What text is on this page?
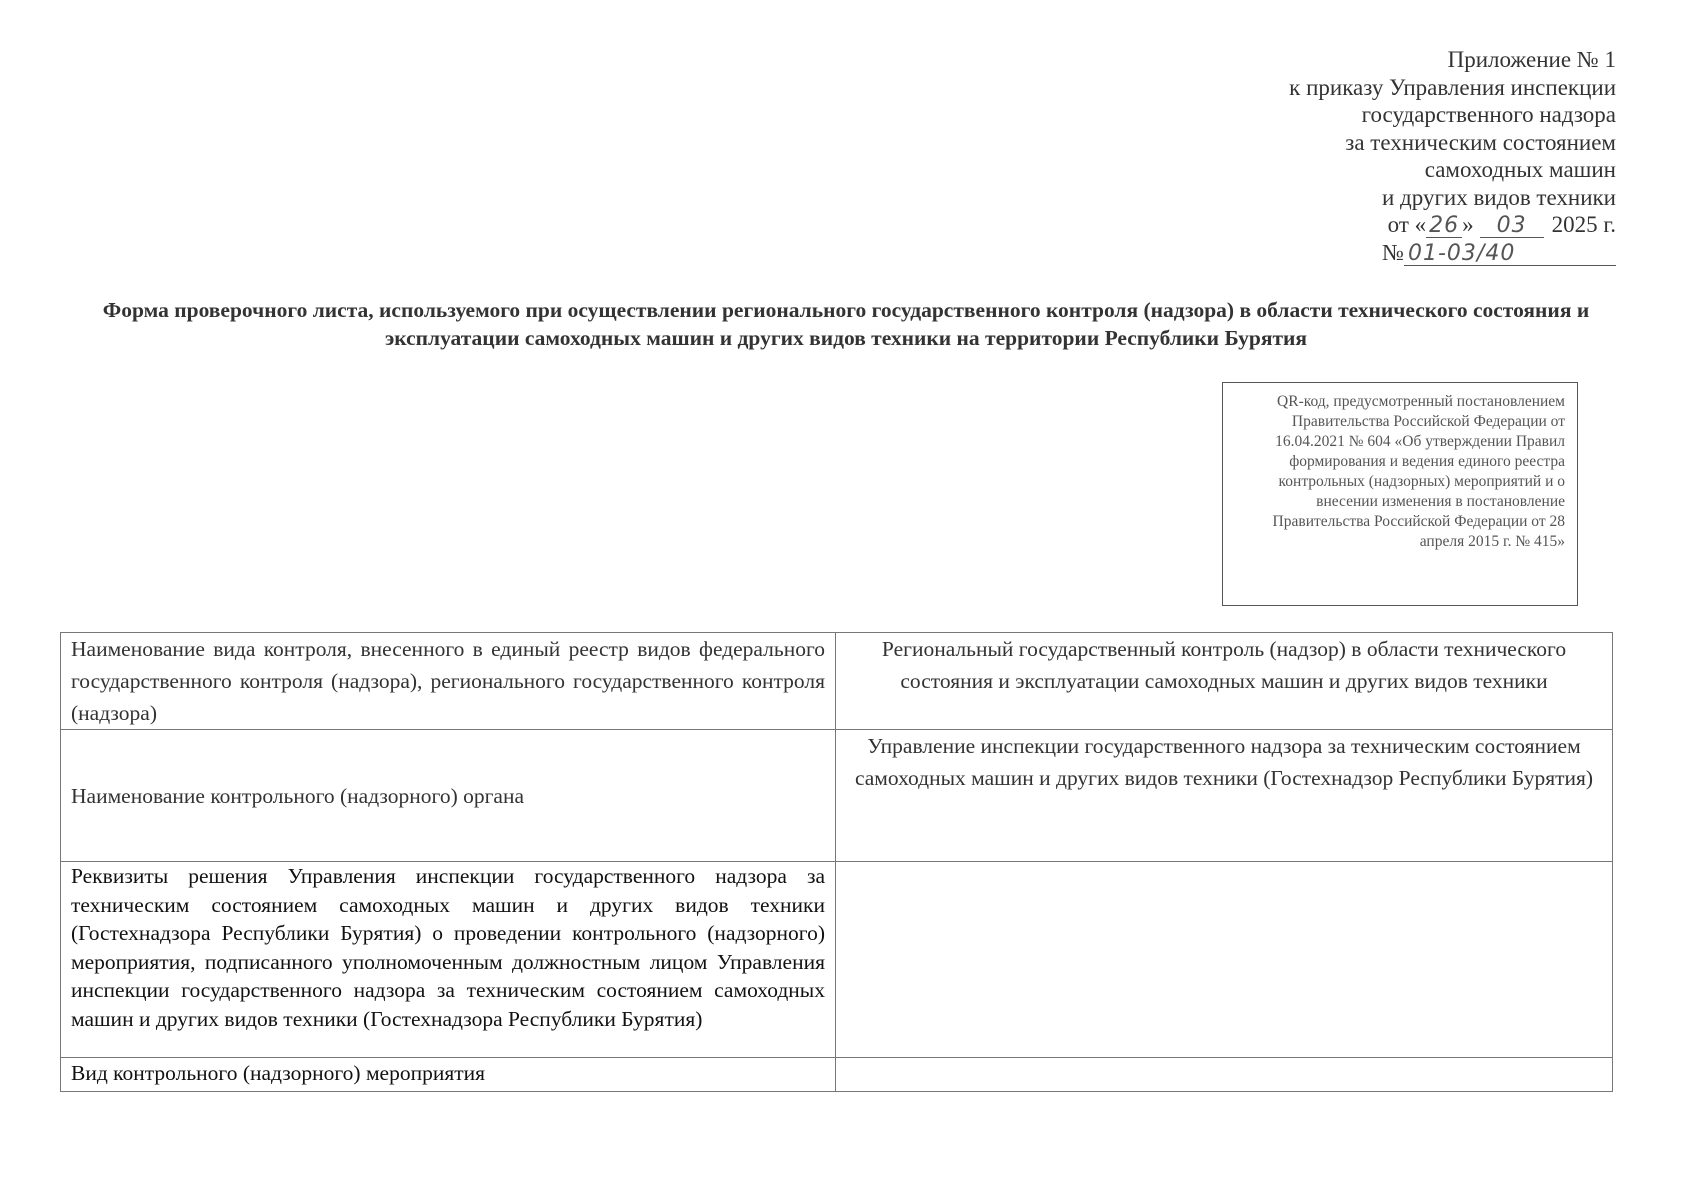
Приложение № 1
к приказу Управления инспекции
государственного надзора
за техническим состоянием
самоходных машин
и других видов техники
от « 26 » 03 2025 г.
№ 01-03/40
Форма проверочного листа, используемого при осуществлении регионального государственного контроля (надзора) в области технического состояния и эксплуатации самоходных машин и других видов техники на территории Республики Бурятия
QR-код, предусмотренный постановлением Правительства Российской Федерации от 16.04.2021 № 604 «Об утверждении Правил формирования и ведения единого реестра контрольных (надзорных) мероприятий и о внесении изменения в постановление Правительства Российской Федерации от 28 апреля 2015 г. № 415»
Наименование вида контроля, внесенного в единый реестр видов федерального государственного контроля (надзора), регионального государственного контроля (надзора)	Региональный государственный контроль (надзор) в области технического состояния и эксплуатации самоходных машин и других видов техники
Наименование контрольного (надзорного) органа	Управление инспекции государственного надзора за техническим состоянием самоходных машин и других видов техники (Гостехнадзор Республики Бурятия)
Реквизиты решения Управления инспекции государственного надзора за техническим состоянием самоходных машин и других видов техники (Гостехнадзора Республики Бурятия) о проведении контрольного (надзорного) мероприятия, подписанного уполномоченным должностным лицом Управления инспекции государственного надзора за техническим состоянием самоходных машин и других видов техники (Гостехнадзора Республики Бурятия)	
Вид контрольного (надзорного) мероприятия	
